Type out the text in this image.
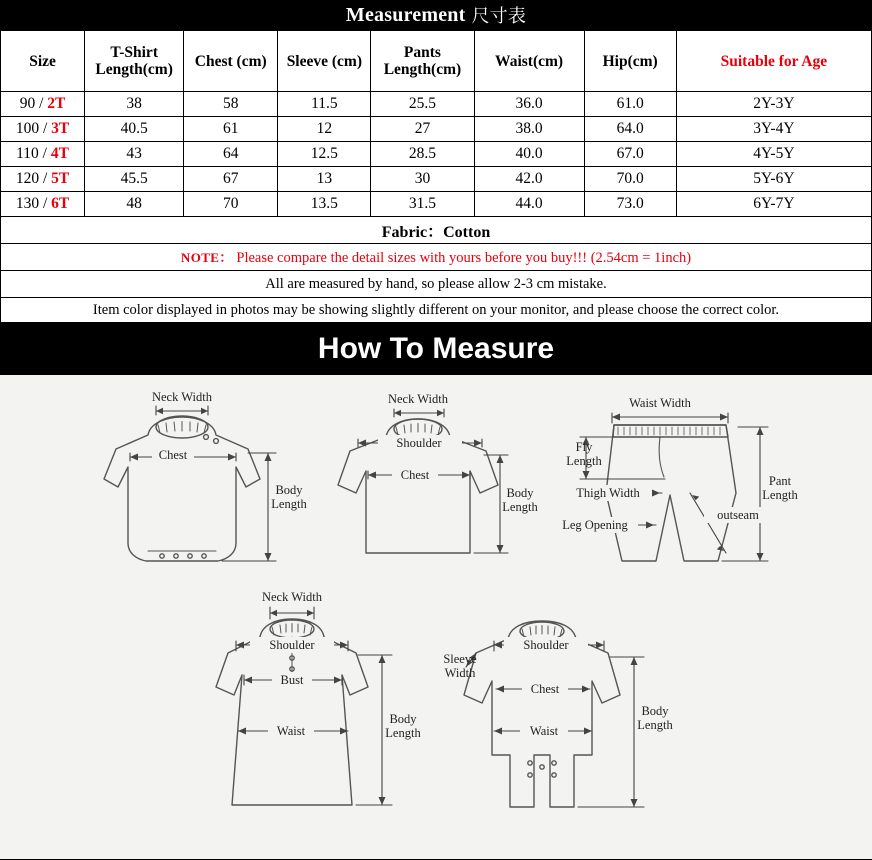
Measurement 尺寸表
Size	T-Shirt Length(cm)	Chest (cm)	Sleeve (cm)	Pants Length(cm)	Waist(cm)	Hip(cm)	Suitable for Age
90 / 2T	38	58	11.5	25.5	36.0	61.0	2Y-3Y
100 / 3T	40.5	61	12	27	38.0	64.0	3Y-4Y
110 / 4T	43	64	12.5	28.5	40.0	67.0	4Y-5Y
120 / 5T	45.5	67	13	30	42.0	70.0	5Y-6Y
130 / 6T	48	70	13.5	31.5	44.0	73.0	6Y-7Y
Fabric：Cotton							
NOTE： Please compare the detail sizes with yours before you buy!!! (2.54cm = 1inch)							
All are measured by hand, so please allow 2-3 cm mistake.							
Item color displayed in photos may be showing slightly different on your monitor, and please choose the correct color.							
How To Measure
Neck Width
Chest
Body
Length
Shoulder
Neck Width
Chest
Body
Length
Waist Width
Fly
Length
Thigh Width
Leg Opening
outseam
Pant
Length
Shoulder
Neck Width
Bust
Waist
Body
Length
Shoulder
Sleeve
Width
Chest
Waist
Body
Length
